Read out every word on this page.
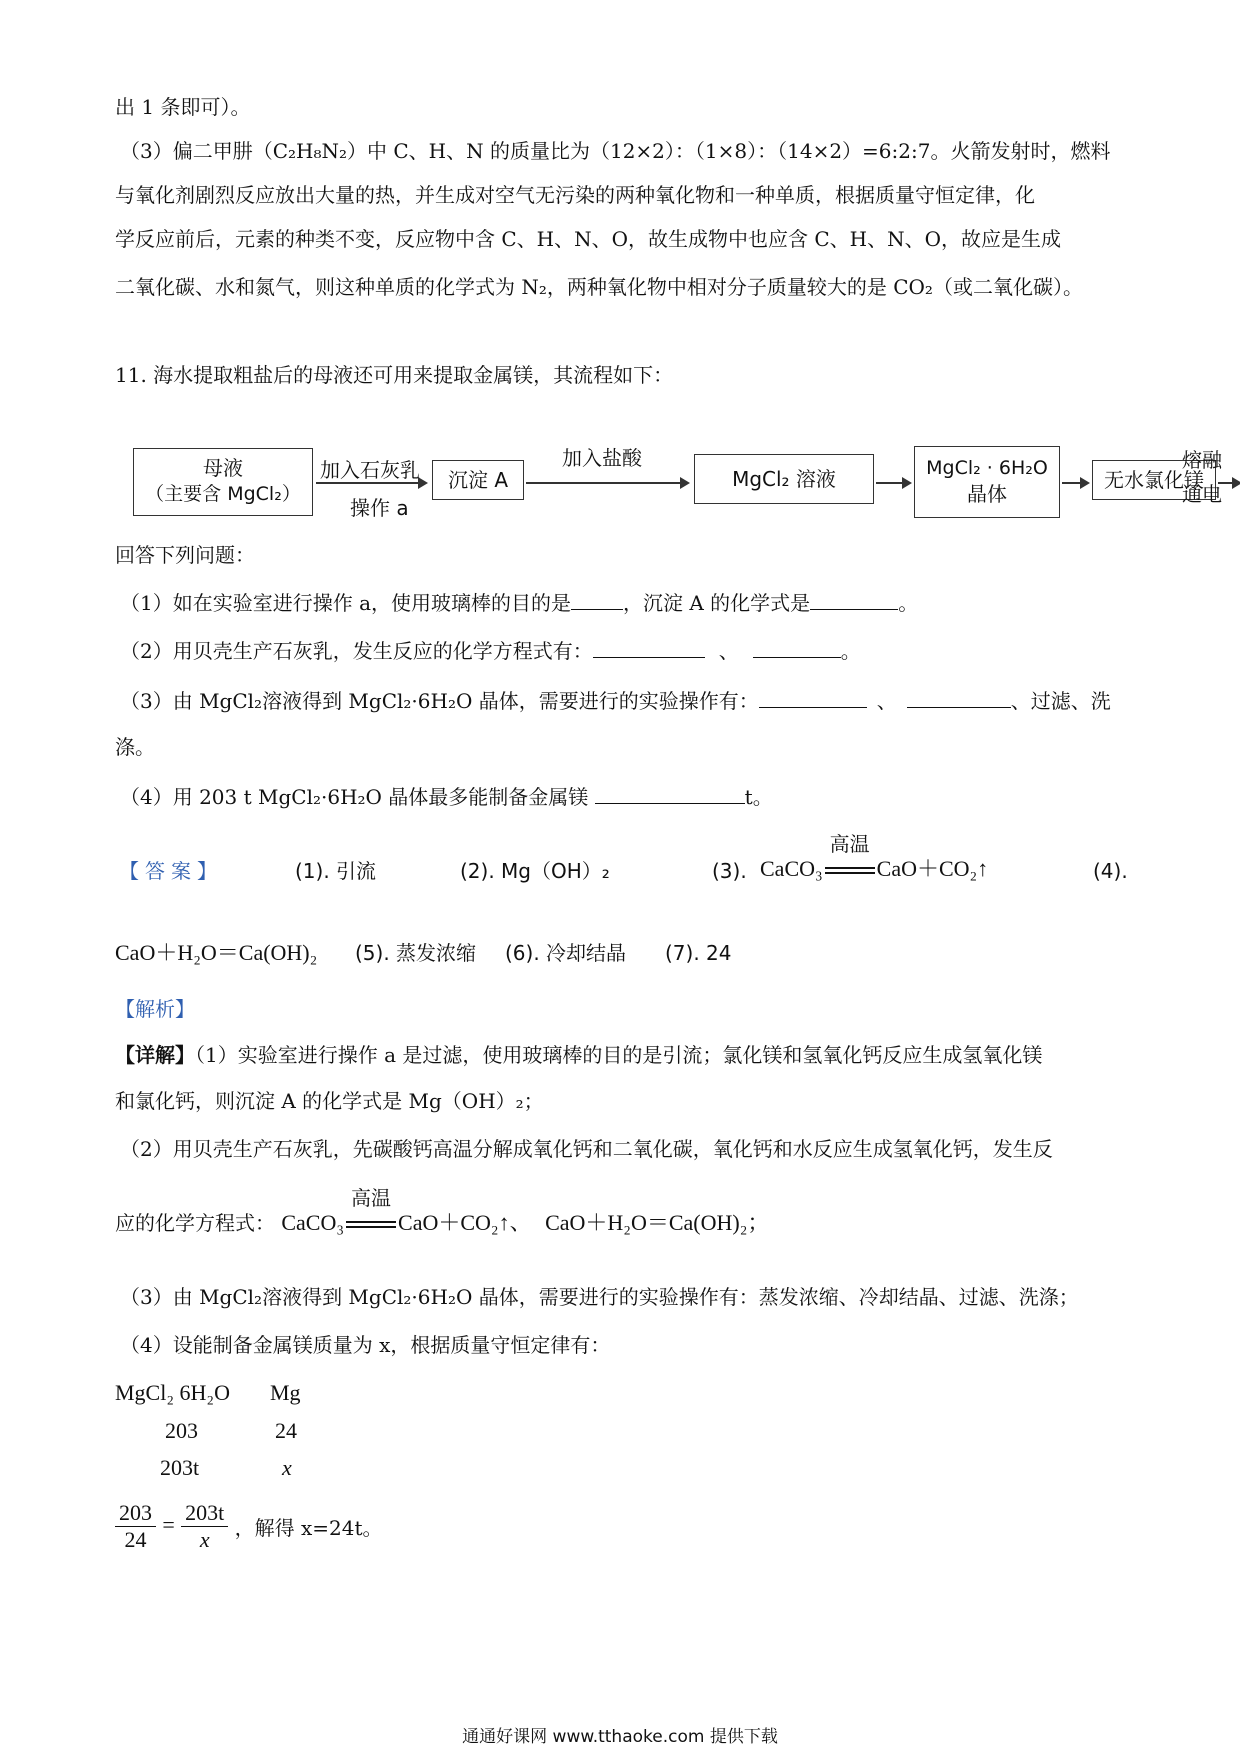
出 1 条即可）。
（3）偏二甲肼（C₂H₈N₂）中 C、H、N 的质量比为（12×2）：（1×8）：（14×2）=6:2:7。火箭发射时，燃料
与氧化剂剧烈反应放出大量的热，并生成对空气无污染的两种氧化物和一种单质，根据质量守恒定律，化
学反应前后，元素的种类不变，反应物中含 C、H、N、O，故生成物中也应含 C、H、N、O，故应是生成
二氧化碳、水和氮气，则这种单质的化学式为 N₂，两种氧化物中相对分子质量较大的是 CO₂（或二氧化碳）。
11. 海水提取粗盐后的母液还可用来提取金属镁，其流程如下：
母液
（主要含 MgCl₂）
加入石灰乳
操作 a
沉淀 A
加入盐酸
MgCl₂ 溶液	MgCl₂ · 6H₂O
晶体
无水氯化镁
熔融
通电
回答下列问题：
（1）如在实验室进行操作 a，使用玻璃棒的目的是	，沉淀 A 的化学式是	。
（2）用贝壳生产石灰乳，发生反应的化学方程式有：	、	。
（3）由 MgCl₂溶液得到 MgCl₂·6H₂O 晶体，需要进行的实验操作有：	、	、过滤、洗
涤。
（4）用 203 t MgCl₂·6H₂O 晶体最多能制备金属镁	t。
【答案】	(1). 引流	(2). Mg（OH）₂	(3). CaCO₃
高温
CaO＋CO₂↑	(4).
CaO＋H₂O＝Ca(OH)₂ (5). 蒸发浓缩 (6). 冷却结晶 (7). 24
【解析】
【详解】（1）实验室进行操作 a 是过滤，使用玻璃棒的目的是引流；氯化镁和氢氧化钙反应生成氢氧化镁
和氯化钙，则沉淀 A 的化学式是 Mg（OH）₂；
（2）用贝壳生产石灰乳，先碳酸钙高温分解成氧化钙和二氧化碳，氧化钙和水反应生成氢氧化钙，发生反
应的化学方程式： CaCO₃
高温
CaO＋CO₂↑、 CaO＋H₂O＝Ca(OH)₂；
（3）由 MgCl₂溶液得到 MgCl₂·6H₂O 晶体，需要进行的实验操作有：蒸发浓缩、冷却结晶、过滤、洗涤；
（4）设能制备金属镁质量为 x，根据质量守恒定律有：
MgCl₂ 6H₂O Mg
203	24
203t	x
$\frac{203}{24} = \frac{203t}{x}$ ，解得 x=24t。
通通好课网 www.tthaoke.com 提供下载
